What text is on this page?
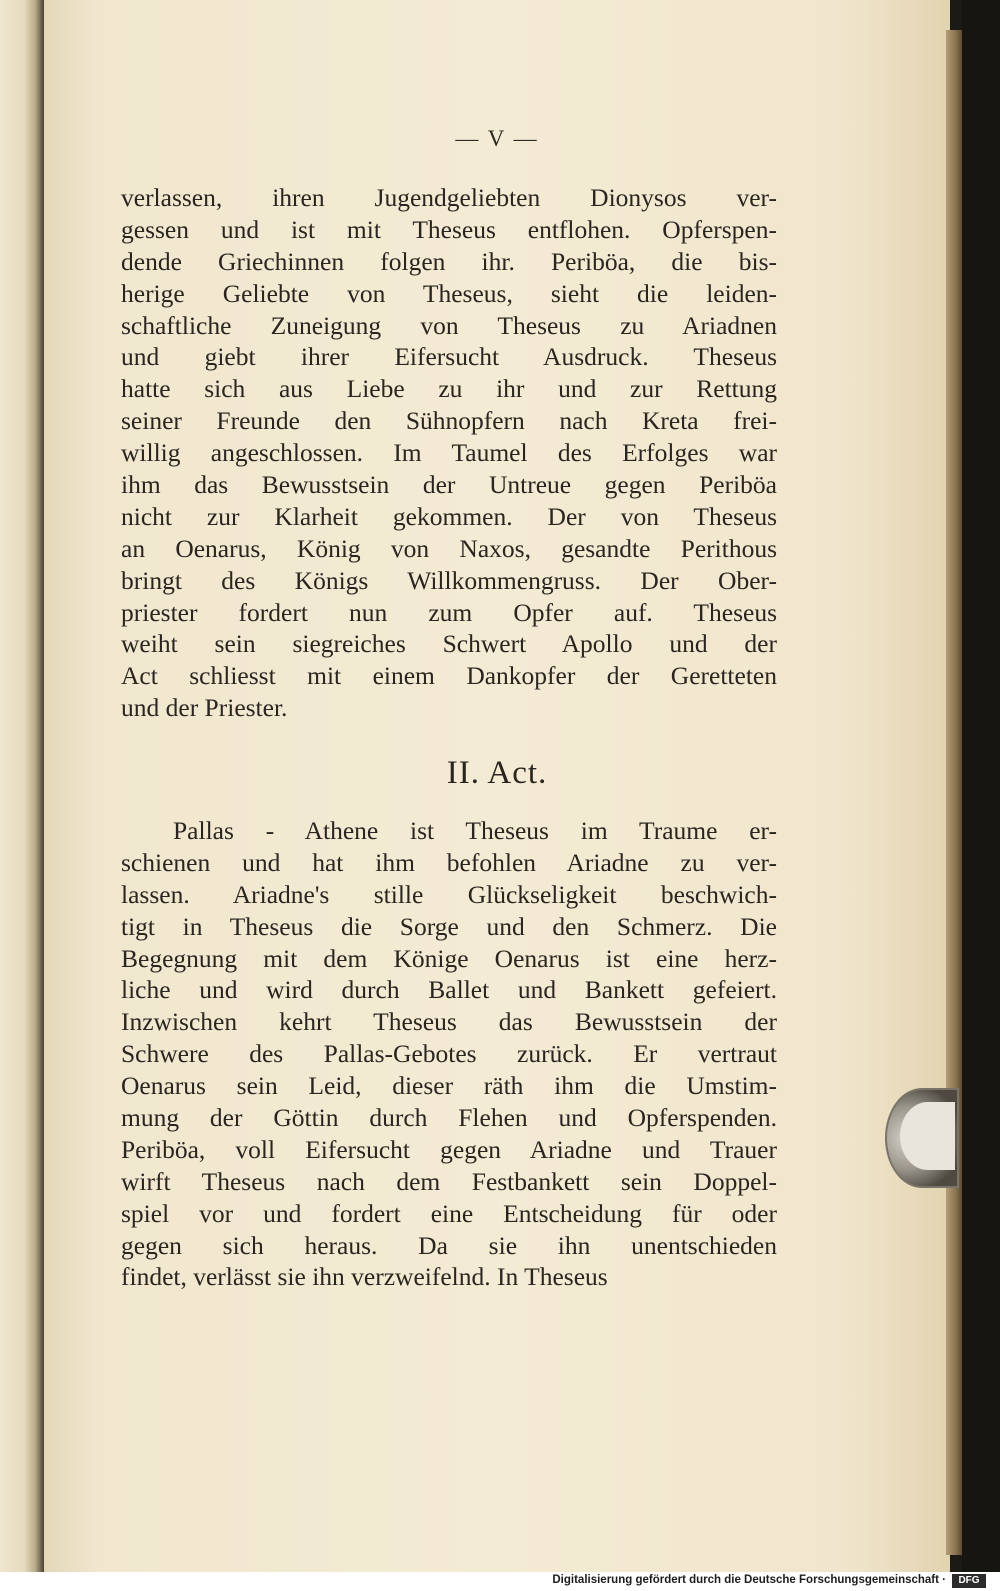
— V —
verlassen, ihren Jugendgeliebten Dionysos ver-
gessen und ist mit Theseus entflohen. Opferspen-
dende Griechinnen folgen ihr. Periböa, die bis-
herige Geliebte von Theseus, sieht die leiden-
schaftliche Zuneigung von Theseus zu Ariadnen
und giebt ihrer Eifersucht Ausdruck. Theseus
hatte sich aus Liebe zu ihr und zur Rettung
seiner Freunde den Sühnopfern nach Kreta frei-
willig angeschlossen. Im Taumel des Erfolges war
ihm das Bewusstsein der Untreue gegen Periböa
nicht zur Klarheit gekommen. Der von Theseus
an Oenarus, König von Naxos, gesandte Perithous
bringt des Königs Willkommengruss. Der Ober-
priester fordert nun zum Opfer auf. Theseus
weiht sein siegreiches Schwert Apollo und der
Act schliesst mit einem Dankopfer der Geretteten
und der Priester.
II. Act.
Pallas - Athene ist Theseus im Traume er-
schienen und hat ihm befohlen Ariadne zu ver-
lassen. Ariadne's stille Glückseligkeit beschwich-
tigt in Theseus die Sorge und den Schmerz. Die
Begegnung mit dem Könige Oenarus ist eine herz-
liche und wird durch Ballet und Bankett gefeiert.
Inzwischen kehrt Theseus das Bewusstsein der
Schwere des Pallas-Gebotes zurück. Er vertraut
Oenarus sein Leid, dieser räth ihm die Umstim-
mung der Göttin durch Flehen und Opferspenden.
Periböa, voll Eifersucht gegen Ariadne und Trauer
wirft Theseus nach dem Festbankett sein Doppel-
spiel vor und fordert eine Entscheidung für oder
gegen sich heraus. Da sie ihn unentschieden
findet, verlässt sie ihn verzweifelnd. In Theseus
Digitalisierung gefördert durch die Deutsche Forschungsgemeinschaft ·	DFG
